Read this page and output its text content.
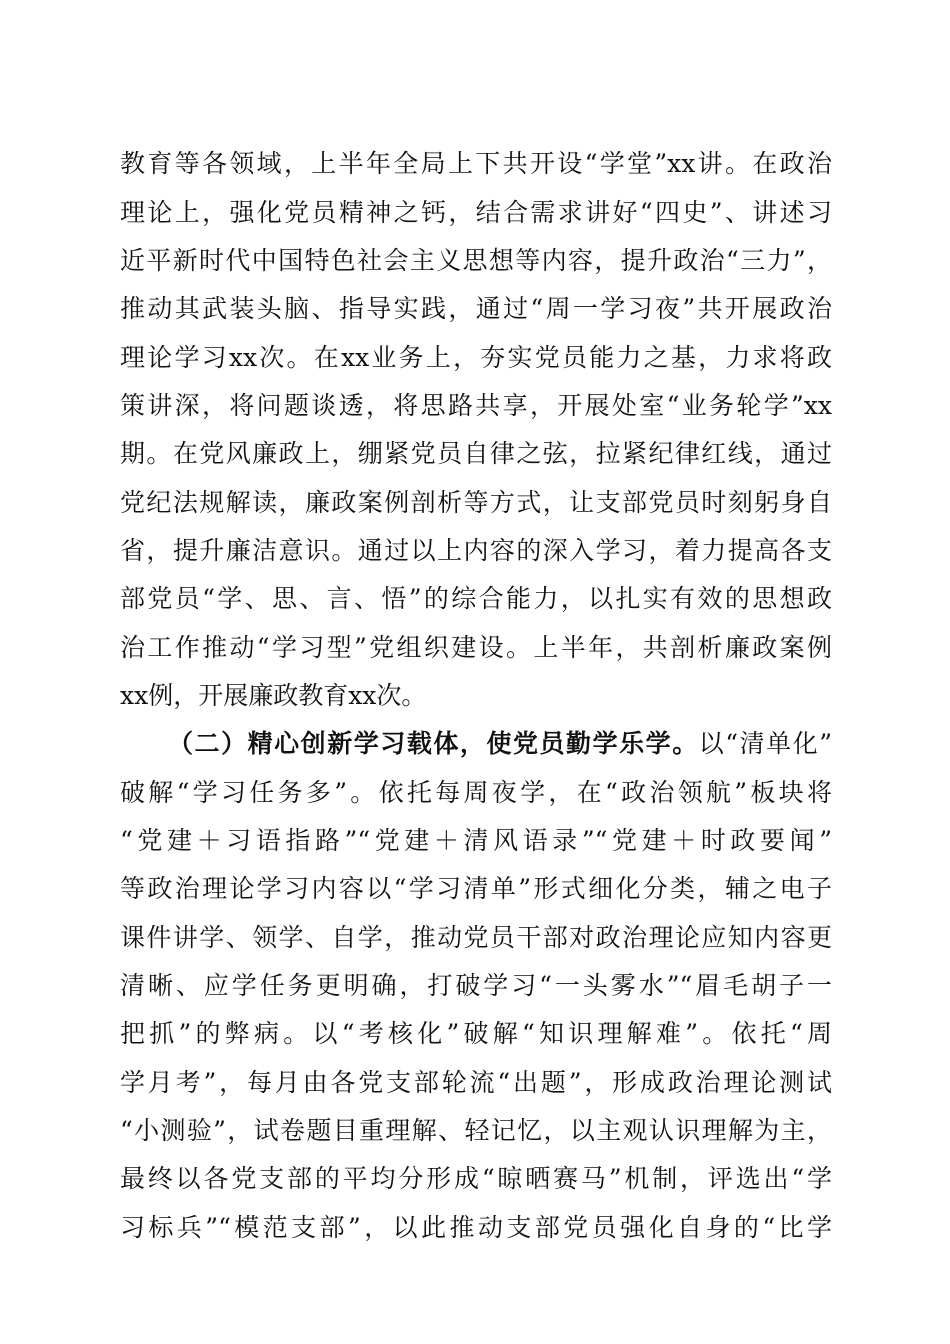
教育等各领域，上半年全局上下共开设“学堂”xx讲。在政治
理论上，强化党员精神之钙，结合需求讲好“四史”、讲述习
近平新时代中国特色社会主义思想等内容，提升政治“三力”，
推动其武装头脑、指导实践，通过“周一学习夜”共开展政治
理论学习xx次。在xx业务上，夯实党员能力之基，力求将政
策讲深，将问题谈透，将思路共享，开展处室“业务轮学”xx
期。在党风廉政上，绷紧党员自律之弦，拉紧纪律红线，通过
党纪法规解读，廉政案例剖析等方式，让支部党员时刻躬身自
省，提升廉洁意识。通过以上内容的深入学习，着力提高各支
部党员“学、思、言、悟”的综合能力，以扎实有效的思想政
治工作推动“学习型”党组织建设。上半年，共剖析廉政案例
xx例，开展廉政教育xx次。
（二）精心创新学习载体，使党员勤学乐学。以“清单化”
破解“学习任务多”。依托每周夜学，在“政治领航”板块将
“党建＋习语指路”“党建＋清风语录”“党建＋时政要闻”
等政治理论学习内容以“学习清单”形式细化分类，辅之电子
课件讲学、领学、自学，推动党员干部对政治理论应知内容更
清晰、应学任务更明确，打破学习“一头雾水”“眉毛胡子一
把抓”的弊病。以“考核化”破解“知识理解难”。依托“周
学月考”，每月由各党支部轮流“出题”，形成政治理论测试
“小测验”，试卷题目重理解、轻记忆，以主观认识理解为主，
最终以各党支部的平均分形成“晾晒赛马”机制，评选出“学
习标兵”“模范支部”，以此推动支部党员强化自身的“比学
